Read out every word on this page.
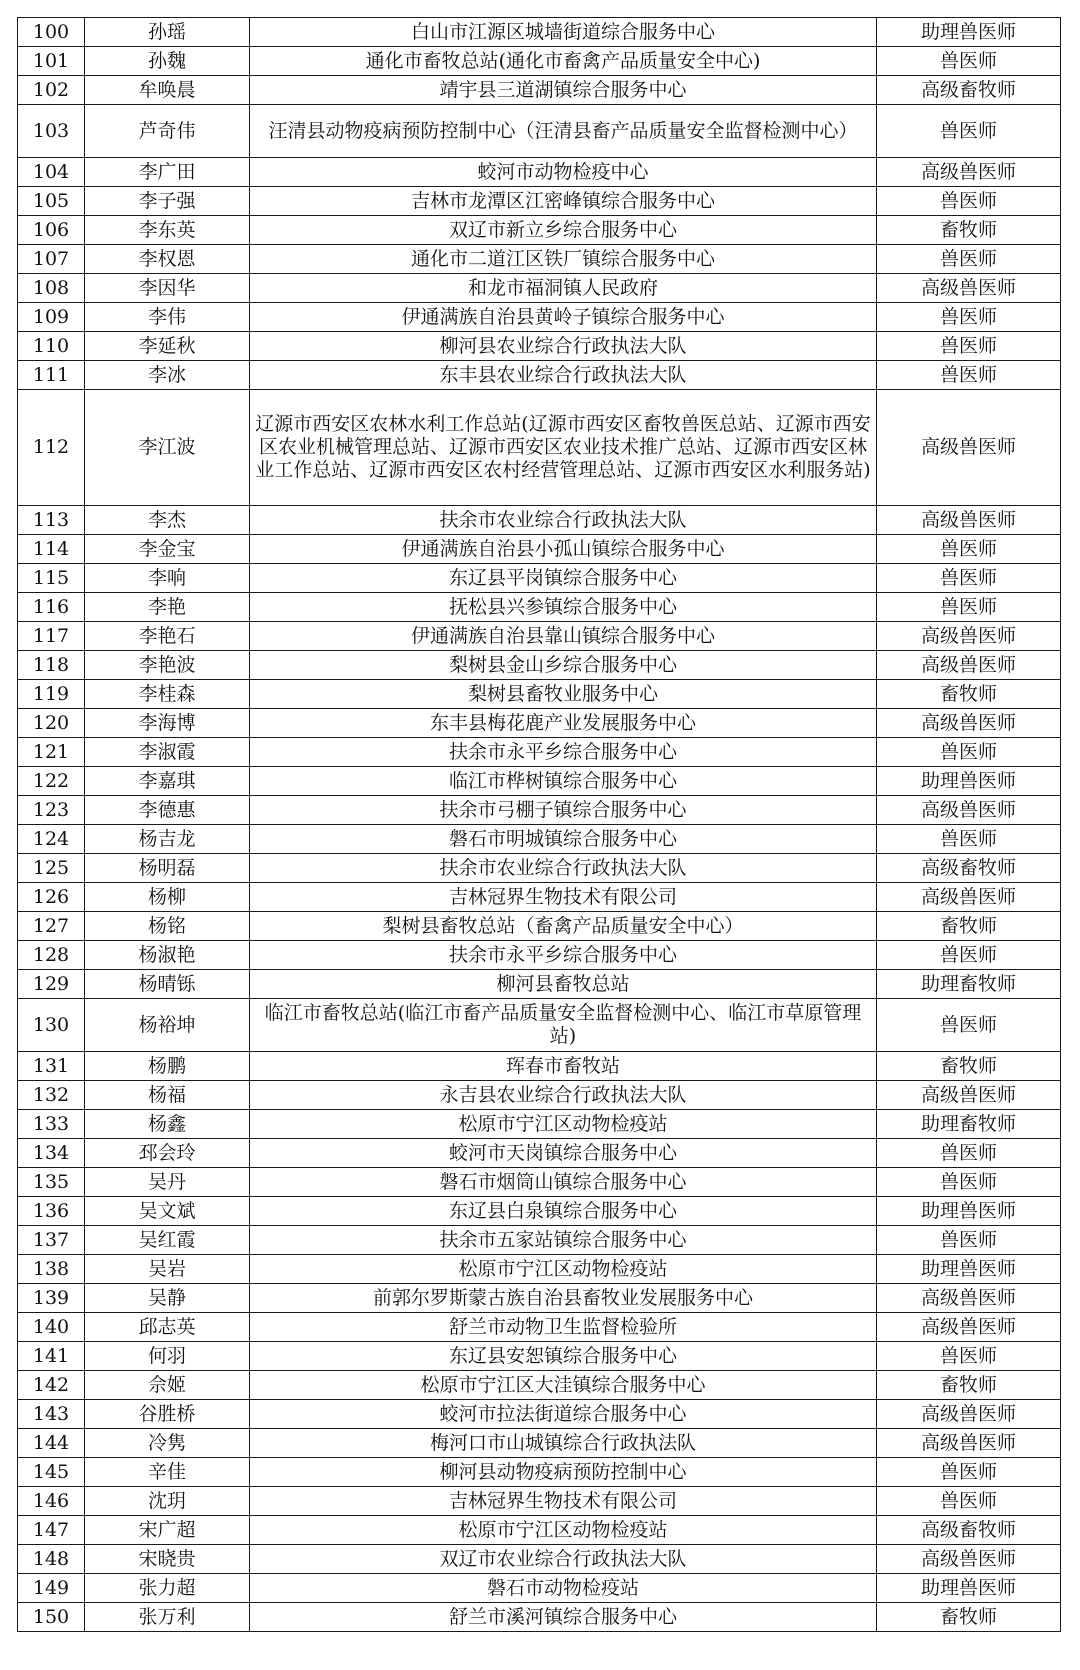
100	孙瑶	白山市江源区城墙街道综合服务中心	助理兽医师
101	孙魏	通化市畜牧总站(通化市畜禽产品质量安全中心)	兽医师
102	牟唤晨	靖宇县三道湖镇综合服务中心	高级畜牧师
103	芦奇伟	汪清县动物疫病预防控制中心（汪清县畜产品质量安全监督检测中心）	兽医师
104	李广田	蛟河市动物检疫中心	高级兽医师
105	李子强	吉林市龙潭区江密峰镇综合服务中心	兽医师
106	李东英	双辽市新立乡综合服务中心	畜牧师
107	李权恩	通化市二道江区铁厂镇综合服务中心	兽医师
108	李因华	和龙市福洞镇人民政府	高级兽医师
109	李伟	伊通满族自治县黄岭子镇综合服务中心	兽医师
110	李延秋	柳河县农业综合行政执法大队	兽医师
111	李冰	东丰县农业综合行政执法大队	兽医师
112	李江波	辽源市西安区农林水利工作总站(辽源市西安区畜牧兽医总站、辽源市西安区农业机械管理总站、辽源市西安区农业技术推广总站、辽源市西安区林业工作总站、辽源市西安区农村经营管理总站、辽源市西安区水利服务站)	高级兽医师
113	李杰	扶余市农业综合行政执法大队	高级兽医师
114	李金宝	伊通满族自治县小孤山镇综合服务中心	兽医师
115	李响	东辽县平岗镇综合服务中心	兽医师
116	李艳	抚松县兴参镇综合服务中心	兽医师
117	李艳石	伊通满族自治县靠山镇综合服务中心	高级兽医师
118	李艳波	梨树县金山乡综合服务中心	高级兽医师
119	李桂森	梨树县畜牧业服务中心	畜牧师
120	李海博	东丰县梅花鹿产业发展服务中心	高级兽医师
121	李淑霞	扶余市永平乡综合服务中心	兽医师
122	李嘉琪	临江市桦树镇综合服务中心	助理兽医师
123	李德惠	扶余市弓棚子镇综合服务中心	高级兽医师
124	杨吉龙	磐石市明城镇综合服务中心	兽医师
125	杨明磊	扶余市农业综合行政执法大队	高级畜牧师
126	杨柳	吉林冠界生物技术有限公司	高级兽医师
127	杨铭	梨树县畜牧总站（畜禽产品质量安全中心）	畜牧师
128	杨淑艳	扶余市永平乡综合服务中心	兽医师
129	杨晴铄	柳河县畜牧总站	助理畜牧师
130	杨裕坤	临江市畜牧总站(临江市畜产品质量安全监督检测中心、临江市草原管理站)	兽医师
131	杨鹏	珲春市畜牧站	畜牧师
132	杨福	永吉县农业综合行政执法大队	高级兽医师
133	杨鑫	松原市宁江区动物检疫站	助理畜牧师
134	邳会玲	蛟河市天岗镇综合服务中心	兽医师
135	吴丹	磐石市烟筒山镇综合服务中心	兽医师
136	吴文斌	东辽县白泉镇综合服务中心	助理兽医师
137	吴红霞	扶余市五家站镇综合服务中心	兽医师
138	吴岩	松原市宁江区动物检疫站	助理兽医师
139	吴静	前郭尔罗斯蒙古族自治县畜牧业发展服务中心	高级兽医师
140	邱志英	舒兰市动物卫生监督检验所	高级兽医师
141	何羽	东辽县安恕镇综合服务中心	兽医师
142	佘姬	松原市宁江区大洼镇综合服务中心	畜牧师
143	谷胜桥	蛟河市拉法街道综合服务中心	高级兽医师
144	冷隽	梅河口市山城镇综合行政执法队	高级兽医师
145	辛佳	柳河县动物疫病预防控制中心	兽医师
146	沈玥	吉林冠界生物技术有限公司	兽医师
147	宋广超	松原市宁江区动物检疫站	高级畜牧师
148	宋晓贵	双辽市农业综合行政执法大队	高级兽医师
149	张力超	磐石市动物检疫站	助理兽医师
150	张万利	舒兰市溪河镇综合服务中心	畜牧师
